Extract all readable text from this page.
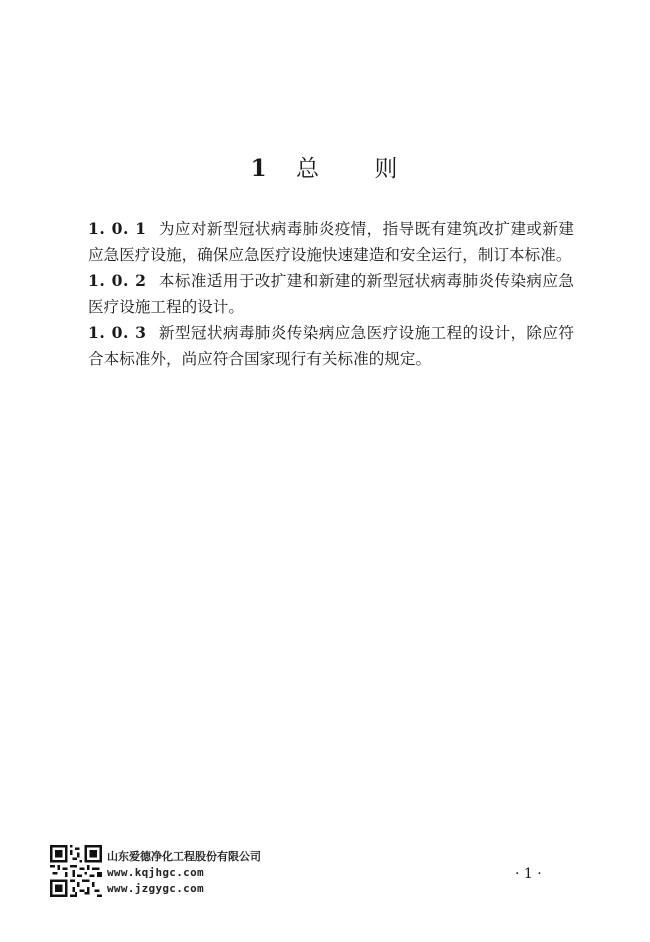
1 总 则

1. 0. 1 为应对新型冠状病毒肺炎疫情，指导既有建筑改扩建或新建应急医疗设施，确保应急医疗设施快速建造和安全运行，制订本标准。

1. 0. 2 本标准适用于改扩建和新建的新型冠状病毒肺炎传染病应急医疗设施工程的设计。

1. 0. 3 新型冠状病毒肺炎传染病应急医疗设施工程的设计，除应符合本标准外，尚应符合国家现行有关标准的规定。

山东爱德净化工程股份有限公司
www.kqjhgc.com
www.jzgygc.com
· 1 ·
